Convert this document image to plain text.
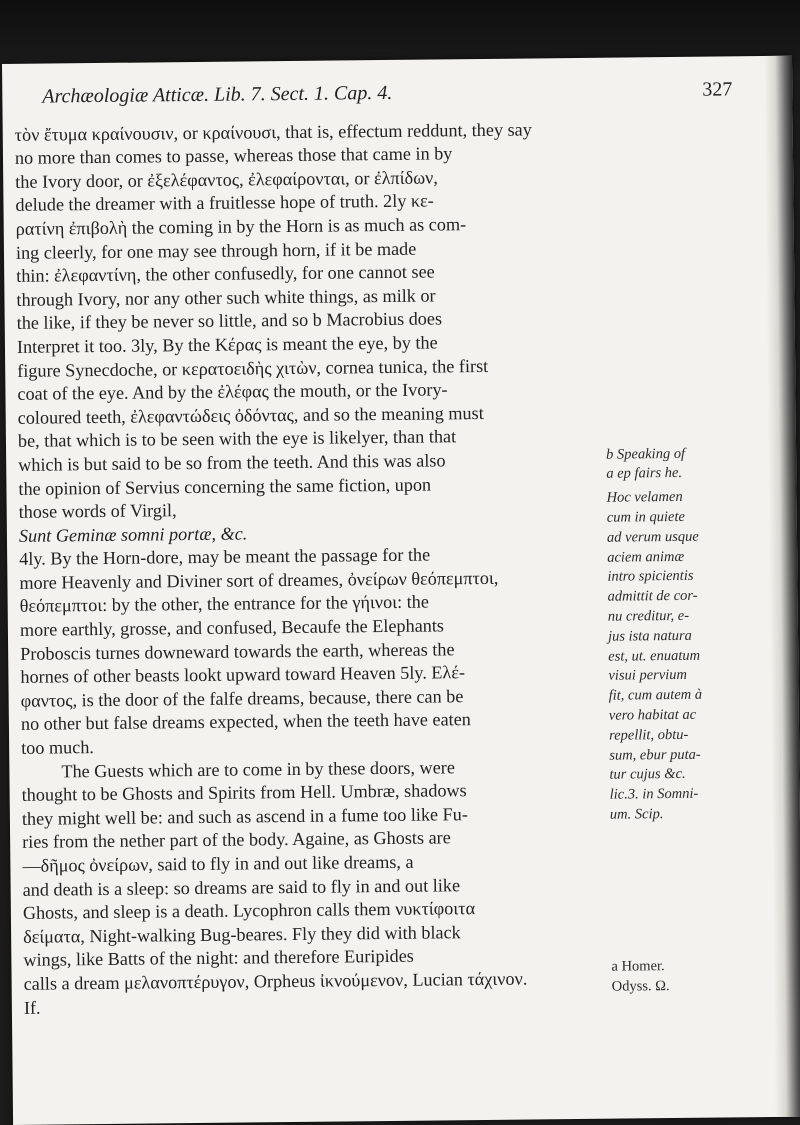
Archæologiæ Atticæ. Lib. 7. Sect. 1. Cap. 4.	327

τὸν ἔτυμα κραίνουσιν, or κραίνουσι, that is, effectum reddunt, they say

no more than comes to passe, whereas those that came in by

the Ivory door, or ἐξελέφαντος, ἐλεφαίρονται, or ἐλπίδων,

delude the dreamer with a fruitlesse hope of truth. 2ly κε-

ρατίνη ἐπιβολὴ the coming in by the Horn is as much as com-

ing cleerly, for one may see through horn, if it be made

thin: ἐλεφαντίνη, the other confusedly, for one cannot see

through Ivory, nor any other such white things, as milk or

the like, if they be never so little, and so b Macrobius does

Interpret it too. 3ly, By the Κέρας is meant the eye, by the

figure Synecdoche, or κερατοειδὴς χιτὼν, cornea tunica, the first

coat of the eye. And by the ἐλέφας the mouth, or the Ivory-

coloured teeth, ἐλεφαντώδεις ὀδόντας, and so the meaning must

be, that which is to be seen with the eye is likelyer, than that

which is but said to be so from the teeth. And this was also

the opinion of Servius concerning the same fiction, upon

those words of Virgil,

Sunt Geminæ somni portæ, &c.

4ly. By the Horn-dore, may be meant the passage for the

more Heavenly and Diviner sort of dreames, ὀνείρων θεόπεμπτοι,

θεόπεμπτοι: by the other, the entrance for the γήινοι: the

more earthly, grosse, and confused, Becaufe the Elephants

Proboscis turnes downeward towards the earth, whereas the

hornes of other beasts lookt upward toward Heaven 5ly. Ελέ-

φαντος, is the door of the falfe dreams, because, there can be

no other but false dreams expected, when the teeth have eaten

too much.

The Guests which are to come in by these doors, were

thought to be Ghosts and Spirits from Hell. Umbræ, shadows

they might well be: and such as ascend in a fume too like Fu-

ries from the nether part of the body. Againe, as Ghosts are

—δῆμος ὀνείρων, said to fly in and out like dreams, a

and death is a sleep: so dreams are said to fly in and out like

Ghosts, and sleep is a death. Lycophron calls them νυκτίφοιτα

δείματα, Night-walking Bug-beares. Fly they did with black

wings, like Batts of the night: and therefore Euripides

calls a dream μελανοπτέρυγον, Orpheus ἰκνούμενον, Lucian τάχινον.

If.

b Speaking of
a ep fairs he.
Hoc velamen
cum in quiete
ad verum usque
aciem animæ
intro spicientis
admittit de cor-
nu creditur, e-
jus ista natura
est, ut. enuatum
visui pervium
fit, cum autem à
vero habitat ac
repellit, obtu-
sum, ebur puta-
tur cujus &c.
lic.3. in Somni-
um. Scip.
a Homer.
Odyss. Ω.
